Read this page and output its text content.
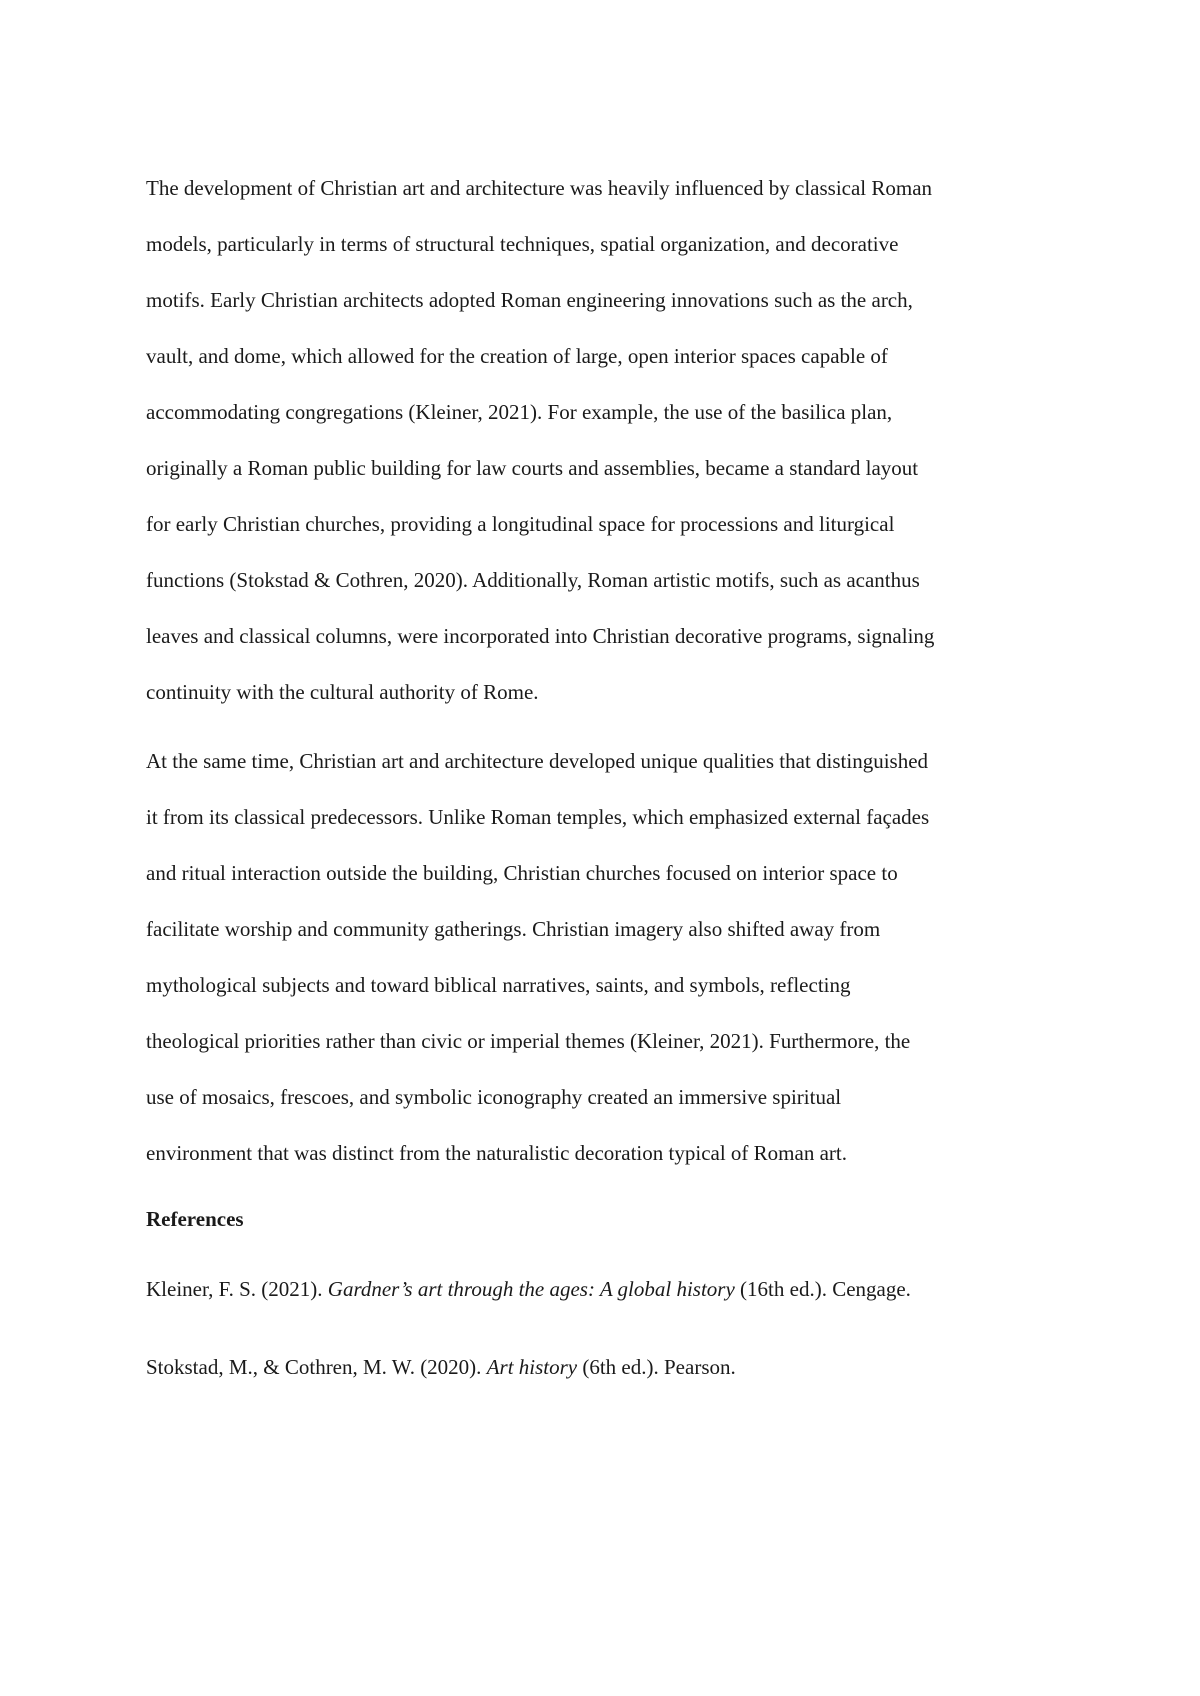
The development of Christian art and architecture was heavily influenced by classical Roman
models, particularly in terms of structural techniques, spatial organization, and decorative
motifs. Early Christian architects adopted Roman engineering innovations such as the arch,
vault, and dome, which allowed for the creation of large, open interior spaces capable of
accommodating congregations (Kleiner, 2021). For example, the use of the basilica plan,
originally a Roman public building for law courts and assemblies, became a standard layout
for early Christian churches, providing a longitudinal space for processions and liturgical
functions (Stokstad & Cothren, 2020). Additionally, Roman artistic motifs, such as acanthus
leaves and classical columns, were incorporated into Christian decorative programs, signaling
continuity with the cultural authority of Rome.

At the same time, Christian art and architecture developed unique qualities that distinguished
it from its classical predecessors. Unlike Roman temples, which emphasized external façades
and ritual interaction outside the building, Christian churches focused on interior space to
facilitate worship and community gatherings. Christian imagery also shifted away from
mythological subjects and toward biblical narratives, saints, and symbols, reflecting
theological priorities rather than civic or imperial themes (Kleiner, 2021). Furthermore, the
use of mosaics, frescoes, and symbolic iconography created an immersive spiritual
environment that was distinct from the naturalistic decoration typical of Roman art.

References

Kleiner, F. S. (2021). Gardner’s art through the ages: A global history (16th ed.). Cengage.

Stokstad, M., & Cothren, M. W. (2020). Art history (6th ed.). Pearson.
